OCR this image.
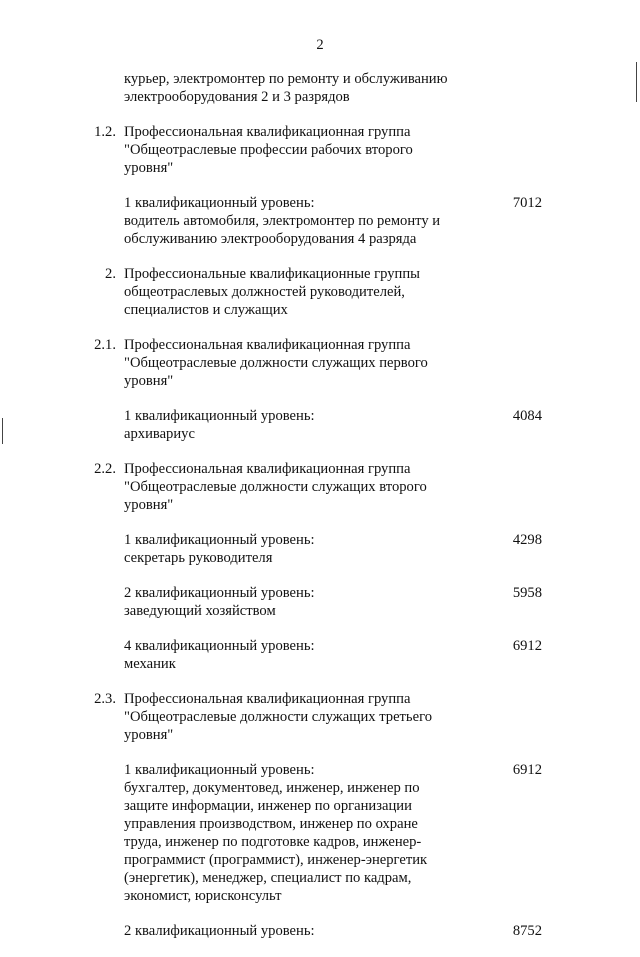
2
курьер, электромонтер по ремонту и обслуживанию
электрооборудования 2 и 3 разрядов
1.2. Профессиональная квалификационная группа
"Общеотраслевые профессии рабочих второго
уровня"
1 квалификационный уровень:
водитель автомобиля, электромонтер по ремонту и
обслуживанию электрооборудования 4 разряда
7012
2. Профессиональные квалификационные группы
общеотраслевых должностей руководителей,
специалистов и служащих
2.1. Профессиональная квалификационная группа
"Общеотраслевые должности служащих первого
уровня"
1 квалификационный уровень:
архивариус
4084
2.2. Профессиональная квалификационная группа
"Общеотраслевые должности служащих второго
уровня"
1 квалификационный уровень:
секретарь руководителя
4298
2 квалификационный уровень:
заведующий хозяйством
5958
4 квалификационный уровень:
механик
6912
2.3. Профессиональная квалификационная группа
"Общеотраслевые должности служащих третьего
уровня"
1 квалификационный уровень:
бухгалтер, документовед, инженер, инженер по
защите информации, инженер по организации
управления производством, инженер по охране
труда, инженер по подготовке кадров, инженер-
программист (программист), инженер-энергетик
(энергетик), менеджер, специалист по кадрам,
экономист, юрисконсульт
6912
2 квалификационный уровень:	8752
